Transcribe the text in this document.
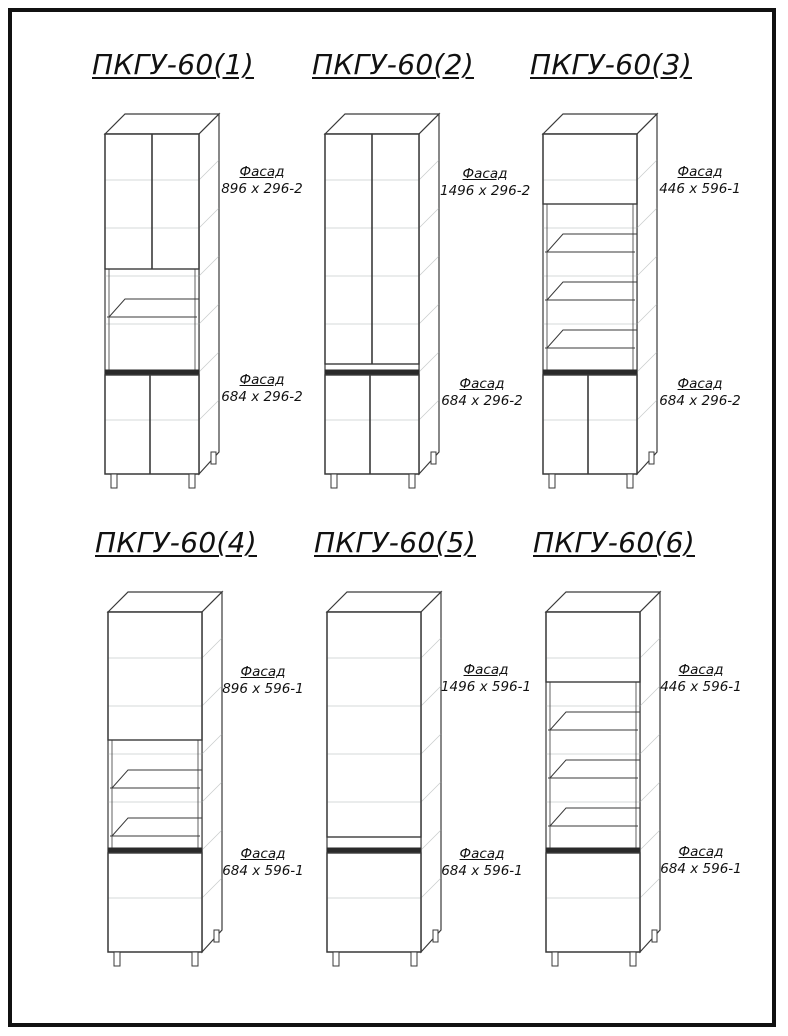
ПКГУ-60(1)
Фасад
896 х 296-2
Фасад
684 х 296-2
ПКГУ-60(2)
Фасад
1496 х 296-2
Фасад
684 х 296-2
ПКГУ-60(3)
Фасад
446 х 596-1
Фасад
684 х 296-2
ПКГУ-60(4)
Фасад
896 х 596-1
Фасад
684 х 596-1
ПКГУ-60(5)
Фасад
1496 х 596-1
Фасад
684 х 596-1
ПКГУ-60(6)
Фасад
446 х 596-1
Фасад
684 х 596-1
